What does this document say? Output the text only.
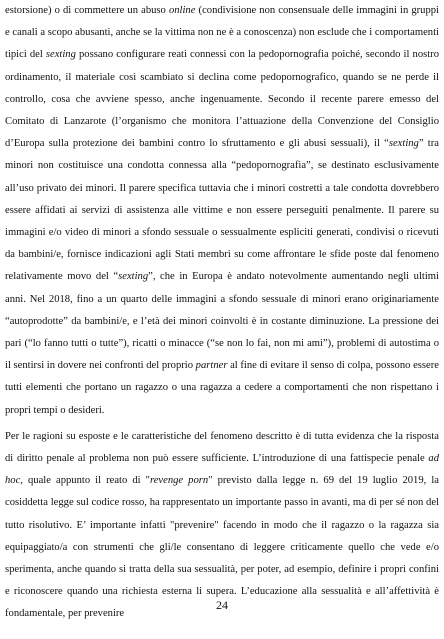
estorsione) o di commettere un abuso online (condivisione non consensuale delle immagini in gruppi e canali a scopo abusanti, anche se la vittima non ne è a conoscenza) non esclude che i comportamenti tipici del sexting possano configurare reati connessi con la pedopornografia poiché, secondo il nostro ordinamento, il materiale così scambiato si declina come pedopornografico, quando se ne perde il controllo, cosa che avviene spesso, anche ingenuamente. Secondo il recente parere emesso del Comitato di Lanzarote (l’organismo che monitora l’attuazione della Convenzione del Consiglio d’Europa sulla protezione dei bambini contro lo sfruttamento e gli abusi sessuali), il “sexting” tra minori non costituisce una condotta connessa alla “pedopornografia”, se destinato esclusivamente all’uso privato dei minori. Il parere specifica tuttavia che i minori costretti a tale condotta dovrebbero essere affidati ai servizi di assistenza alle vittime e non essere perseguiti penalmente. Il parere su immagini e/o video di minori a sfondo sessuale o sessualmente espliciti generati, condivisi o ricevuti da bambini/e, fornisce indicazioni agli Stati membri su come affrontare le sfide poste dal fenomeno relativamente movo del “sexting”, che in Europa è andato notevolmente aumentando negli ultimi anni. Nel 2018, fino a un quarto delle immagini a sfondo sessuale di minori erano originariamente “autoprodotte” da bambini/e, e l’età dei minori coinvolti è in costante diminuzione. La pressione dei pari (“lo fanno tutti o tutte”), ricatti o minacce (“se non lo fai, non mi ami”), problemi di autostima o il sentirsi in dovere nei confronti del proprio partner al fine di evitare il senso di colpa, possono essere tutti elementi che portano un ragazzo o una ragazza a cedere a comportamenti che non rispettano i propri tempi o desideri.

Per le ragioni su esposte e le caratteristiche del fenomeno descritto è di tutta evidenza che la risposta di diritto penale al problema non può essere sufficiente. L’introduzione di una fattispecie penale ad hoc, quale appunto il reato di "revenge porn" previsto dalla legge n. 69 del 19 luglio 2019, la cosiddetta legge sul codice rosso, ha rappresentato un importante passo in avanti, ma di per sé non del tutto risolutivo. E’ importante infatti "prevenire" facendo in modo che il ragazzo o la ragazza sia equipaggiato/a con strumenti che gli/le consentano di leggere criticamente quello che vede e/o sperimenta, anche quando si tratta della sua sessualità, per poter, ad esempio, definire i propri confini e riconoscere quando una richiesta esterna li supera. L’educazione alla sessualità e all’affettività è fondamentale, per prevenire

24
